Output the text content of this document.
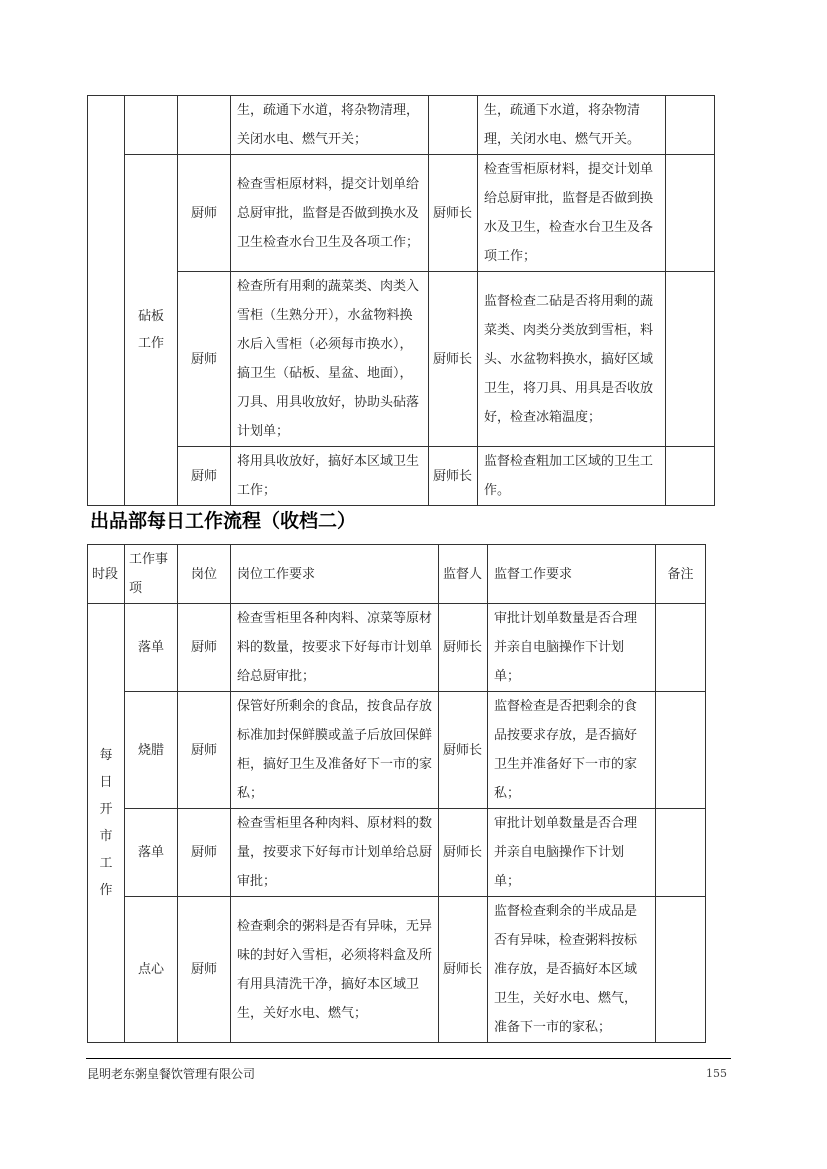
			生，疏通下水道，将杂物清理，关闭水电、燃气开关；		生，疏通下水道，将杂物清理，关闭水电、燃气开关。	
	砧板工作	厨师	检查雪柜原材料，提交计划单给总厨审批，监督是否做到换水及卫生检查水台卫生及各项工作；	厨师长	检查雪柜原材料，提交计划单给总厨审批，监督是否做到换水及卫生，检查水台卫生及各项工作；	
		厨师	检查所有用剩的蔬菜类、肉类入雪柜（生熟分开），水盆物料换水后入雪柜（必须每市换水），搞卫生（砧板、星盆、地面），刀具、用具收放好，协助头砧落计划单；	厨师长	监督检查二砧是否将用剩的蔬菜类、肉类分类放到雪柜，料头、水盆物料换水，搞好区域卫生，将刀具、用具是否收放好，检查冰箱温度；	
		厨师	将用具收放好，搞好本区域卫生工作；	厨师长	监督检查粗加工区域的卫生工作。	
出品部每日工作流程（收档二）
时段	工作事项	岗位	岗位工作要求	监督人	监督工作要求	备注
每日开市工作	落单	厨师	检查雪柜里各种肉料、凉菜等原材料的数量，按要求下好每市计划单给总厨审批；	厨师长	审批计划单数量是否合理并亲自电脑操作下计划单；	
	烧腊	厨师	保管好所剩余的食品，按食品存放标准加封保鲜膜或盖子后放回保鲜柜，搞好卫生及准备好下一市的家私；	厨师长	监督检查是否把剩余的食品按要求存放，是否搞好卫生并准备好下一市的家私；	
	落单	厨师	检查雪柜里各种肉料、原材料的数量，按要求下好每市计划单给总厨审批；	厨师长	审批计划单数量是否合理并亲自电脑操作下计划单；	
	点心	厨师	检查剩余的粥料是否有异味，无异味的封好入雪柜，必须将料盒及所有用具清洗干净，搞好本区域卫生，关好水电、燃气；	厨师长	监督检查剩余的半成品是否有异味，检查粥料按标准存放，是否搞好本区域卫生，关好水电、燃气，准备下一市的家私；	
昆明老东粥皇餐饮管理有限公司	155
